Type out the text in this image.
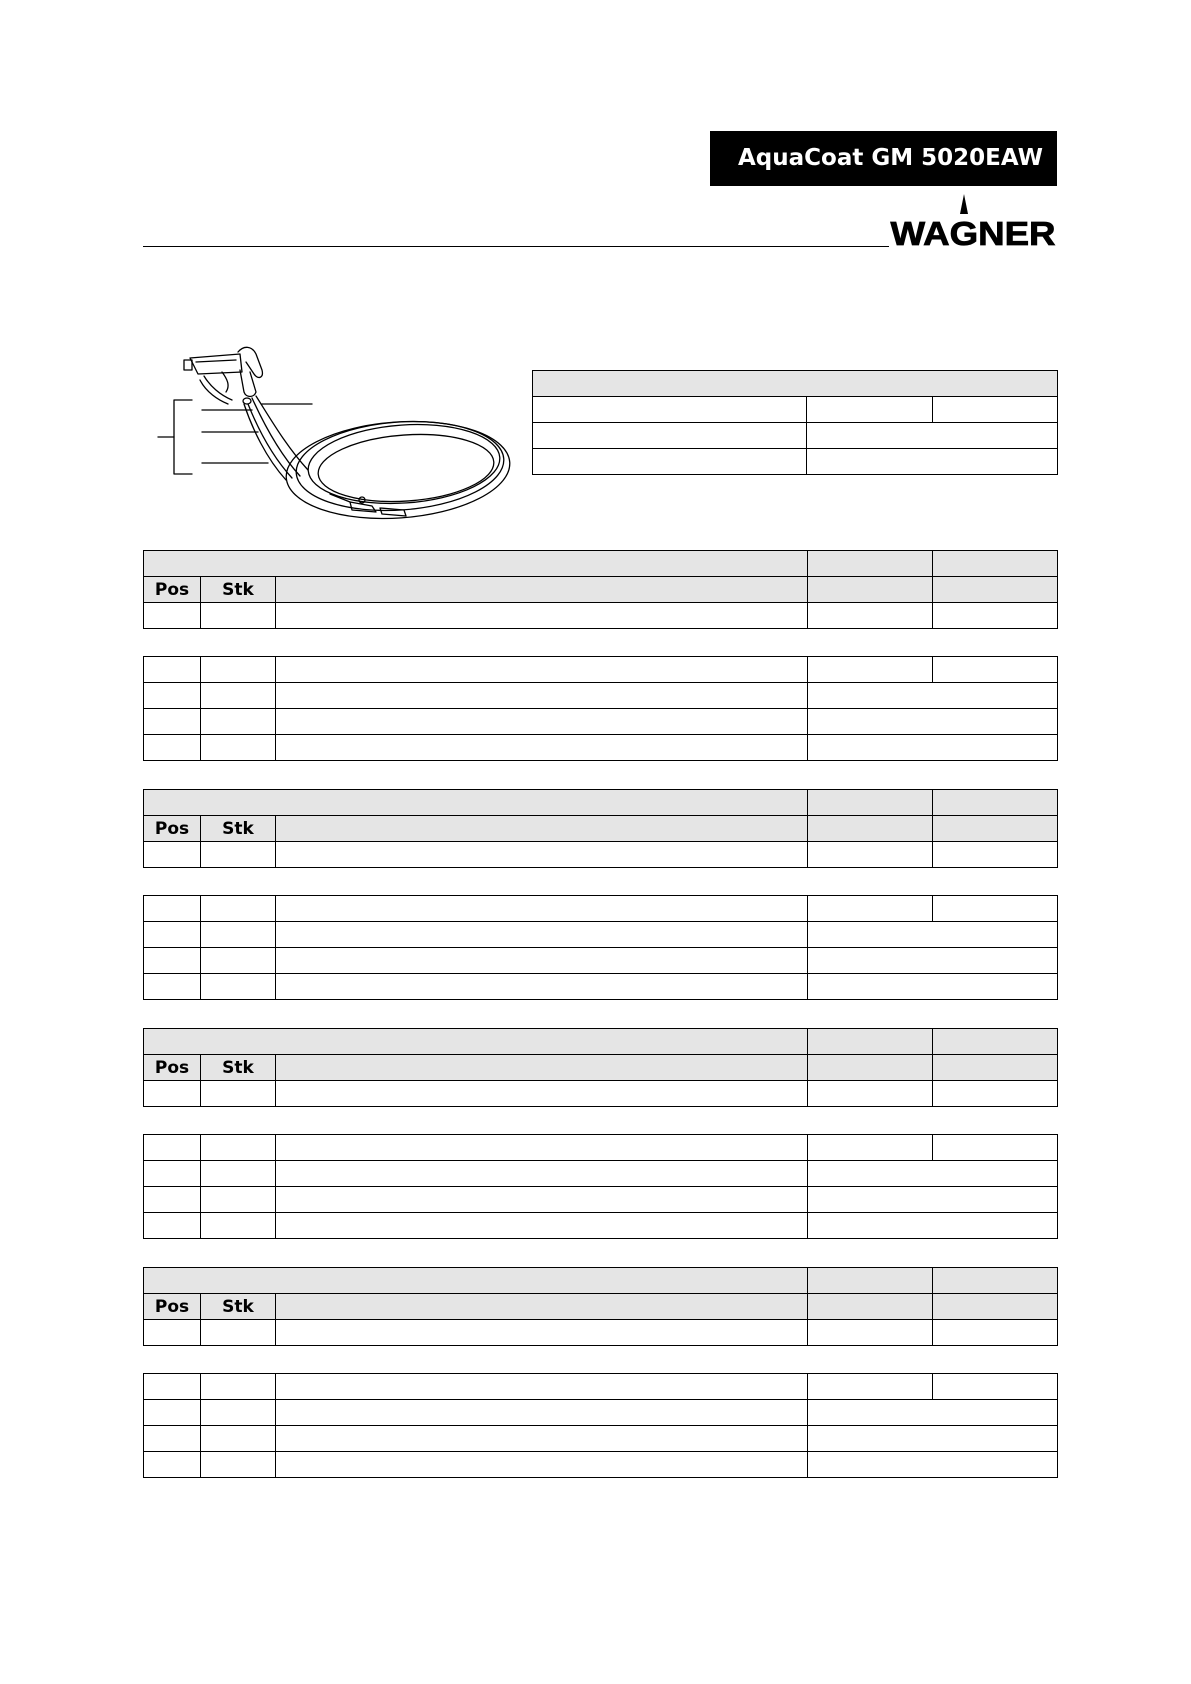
AquaCoat GM 5020EAW
WAGNER

Pos	Stk			

Pos	Stk			

Pos	Stk			

Pos	Stk			
